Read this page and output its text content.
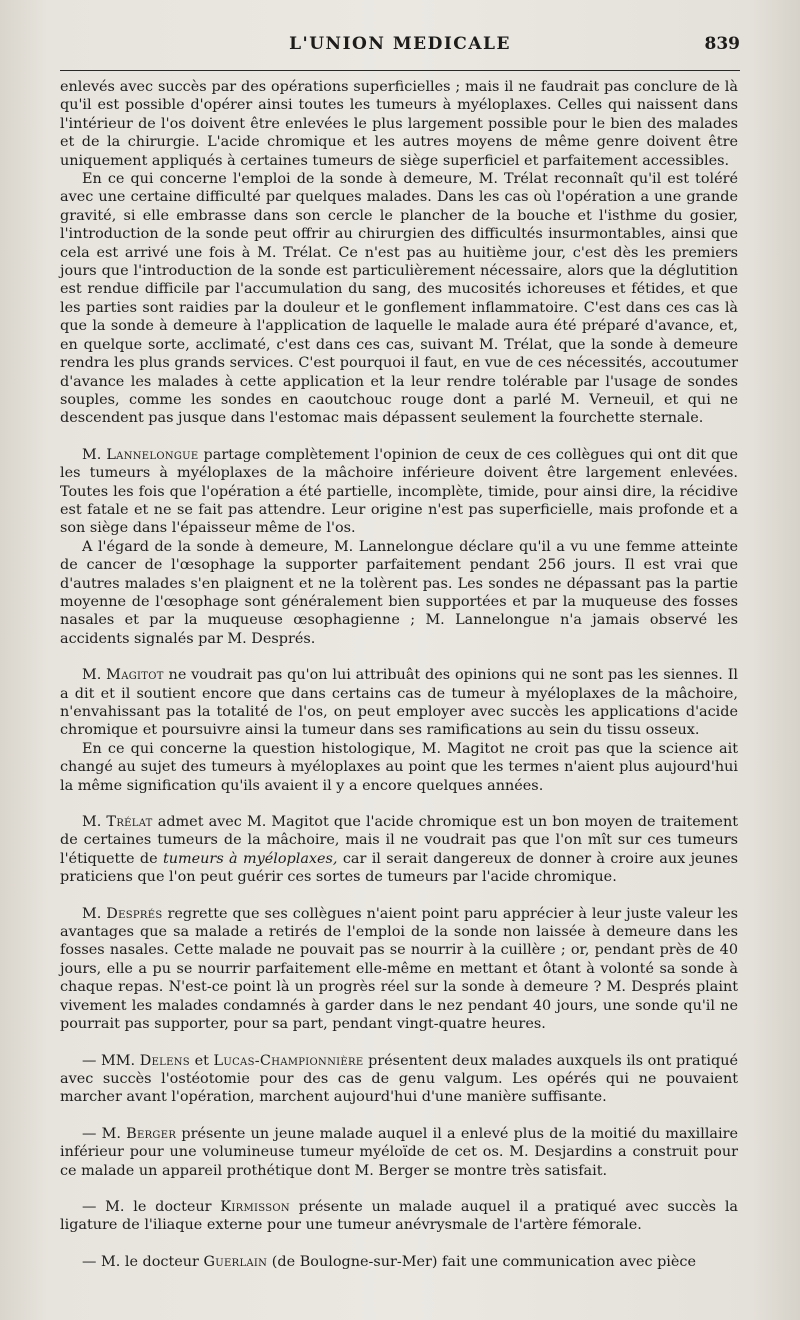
L'UNION MEDICALE	839

enlevés avec succès par des opérations superficielles ; mais il ne faudrait pas conclure de là qu'il est possible d'opérer ainsi toutes les tumeurs à myéloplaxes. Celles qui naissent dans l'intérieur de l'os doivent être enlevées le plus largement possible pour le bien des malades et de la chirurgie. L'acide chromique et les autres moyens de même genre doivent être uniquement appliqués à certaines tumeurs de siège superficiel et parfaitement accessibles.

En ce qui concerne l'emploi de la sonde à demeure, M. Trélat reconnaît qu'il est toléré avec une certaine difficulté par quelques malades. Dans les cas où l'opération a une grande gravité, si elle embrasse dans son cercle le plancher de la bouche et l'isthme du gosier, l'introduction de la sonde peut offrir au chirurgien des difficultés insurmontables, ainsi que cela est arrivé une fois à M. Trélat. Ce n'est pas au huitième jour, c'est dès les premiers jours que l'introduction de la sonde est particulièrement nécessaire, alors que la déglutition est rendue difficile par l'accumulation du sang, des mucosités ichoreuses et fétides, et que les parties sont raidies par la douleur et le gonflement inflammatoire. C'est dans ces cas là que la sonde à demeure à l'application de laquelle le malade aura été préparé d'avance, et, en quelque sorte, acclimaté, c'est dans ces cas, suivant M. Trélat, que la sonde à demeure rendra les plus grands services. C'est pourquoi il faut, en vue de ces nécessités, accoutumer d'avance les malades à cette application et la leur rendre tolérable par l'usage de sondes souples, comme les sondes en caoutchouc rouge dont a parlé M. Verneuil, et qui ne descendent pas jusque dans l'estomac mais dépassent seulement la fourchette sternale.

M. Lannelongue partage complètement l'opinion de ceux de ces collègues qui ont dit que les tumeurs à myéloplaxes de la mâchoire inférieure doivent être largement enlevées. Toutes les fois que l'opération a été partielle, incomplète, timide, pour ainsi dire, la récidive est fatale et ne se fait pas attendre. Leur origine n'est pas superficielle, mais profonde et a son siège dans l'épaisseur même de l'os.

A l'égard de la sonde à demeure, M. Lannelongue déclare qu'il a vu une femme atteinte de cancer de l'œsophage la supporter parfaitement pendant 256 jours. Il est vrai que d'autres malades s'en plaignent et ne la tolèrent pas. Les sondes ne dépassant pas la partie moyenne de l'œsophage sont généralement bien supportées et par la muqueuse des fosses nasales et par la muqueuse œsophagienne ; M. Lannelongue n'a jamais observé les accidents signalés par M. Després.

M. Magitot ne voudrait pas qu'on lui attribuât des opinions qui ne sont pas les siennes. Il a dit et il soutient encore que dans certains cas de tumeur à myéloplaxes de la mâchoire, n'envahissant pas la totalité de l'os, on peut employer avec succès les applications d'acide chromique et poursuivre ainsi la tumeur dans ses ramifications au sein du tissu osseux.

En ce qui concerne la question histologique, M. Magitot ne croit pas que la science ait changé au sujet des tumeurs à myéloplaxes au point que les termes n'aient plus aujourd'hui la même signification qu'ils avaient il y a encore quelques années.

M. Trélat admet avec M. Magitot que l'acide chromique est un bon moyen de traitement de certaines tumeurs de la mâchoire, mais il ne voudrait pas que l'on mît sur ces tumeurs l'étiquette de tumeurs à myéloplaxes, car il serait dangereux de donner à croire aux jeunes praticiens que l'on peut guérir ces sortes de tumeurs par l'acide chromique.

M. Després regrette que ses collègues n'aient point paru apprécier à leur juste valeur les avantages que sa malade a retirés de l'emploi de la sonde non laissée à demeure dans les fosses nasales. Cette malade ne pouvait pas se nourrir à la cuillère ; or, pendant près de 40 jours, elle a pu se nourrir parfaitement elle-même en mettant et ôtant à volonté sa sonde à chaque repas. N'est-ce point là un progrès réel sur la sonde à demeure ? M. Després plaint vivement les malades condamnés à garder dans le nez pendant 40 jours, une sonde qu'il ne pourrait pas supporter, pour sa part, pendant vingt-quatre heures.

— MM. Delens et Lucas-Championnière présentent deux malades auxquels ils ont pratiqué avec succès l'ostéotomie pour des cas de genu valgum. Les opérés qui ne pouvaient marcher avant l'opération, marchent aujourd'hui d'une manière suffisante.

— M. Berger présente un jeune malade auquel il a enlevé plus de la moitié du maxillaire inférieur pour une volumineuse tumeur myéloïde de cet os. M. Desjardins a construit pour ce malade un appareil prothétique dont M. Berger se montre très satisfait.

— M. le docteur Kirmisson présente un malade auquel il a pratiqué avec succès la ligature de l'iliaque externe pour une tumeur anévrysmale de l'artère fémorale.

— M. le docteur Guerlain (de Boulogne-sur-Mer) fait une communication avec pièce
